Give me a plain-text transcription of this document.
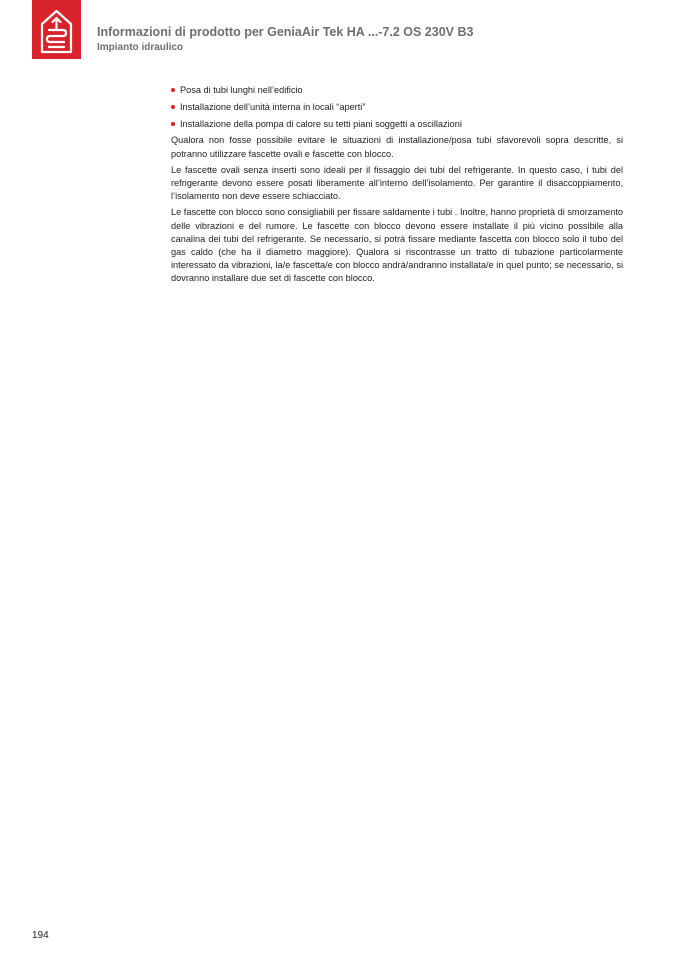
Informazioni di prodotto per GeniaAir Tek HA ...-7.2 OS 230V B3
Impianto idraulico
Posa di tubi lunghi nell’edificio
Installazione dell’unità interna in locali “aperti”
Installazione della pompa di calore su tetti piani soggetti a oscillazioni

Qualora non fosse possibile evitare le situazioni di installazione/posa tubi sfavorevoli sopra descritte, si potranno utilizzare fascette ovali e fascette con blocco.

Le fascette ovali senza inserti sono ideali per il fissaggio dei tubi del refrigerante. In questo caso, i tubi del refrigerante devono essere posati liberamente all’interno dell’isolamento. Per garantire il disaccoppiamento, l’isolamento non deve essere schiacciato.

Le fascette con blocco sono consigliabili per fissare saldamente i tubi . Inoltre, hanno proprietà di smorzamento delle vibrazioni e del rumore. Le fascette con blocco devono essere installate il più vicino possibile alla canalina dei tubi del refrigerante. Se necessario, si potrà fissare mediante fascetta con blocco solo il tubo del gas caldo (che ha il diametro maggiore). Qualora si riscontrasse un tratto di tubazione particolarmente interessato da vibrazioni, la/e fascetta/e con blocco andrà/andranno installata/e in quel punto; se necessario, si dovranno installare due set di fascette con blocco.

194
